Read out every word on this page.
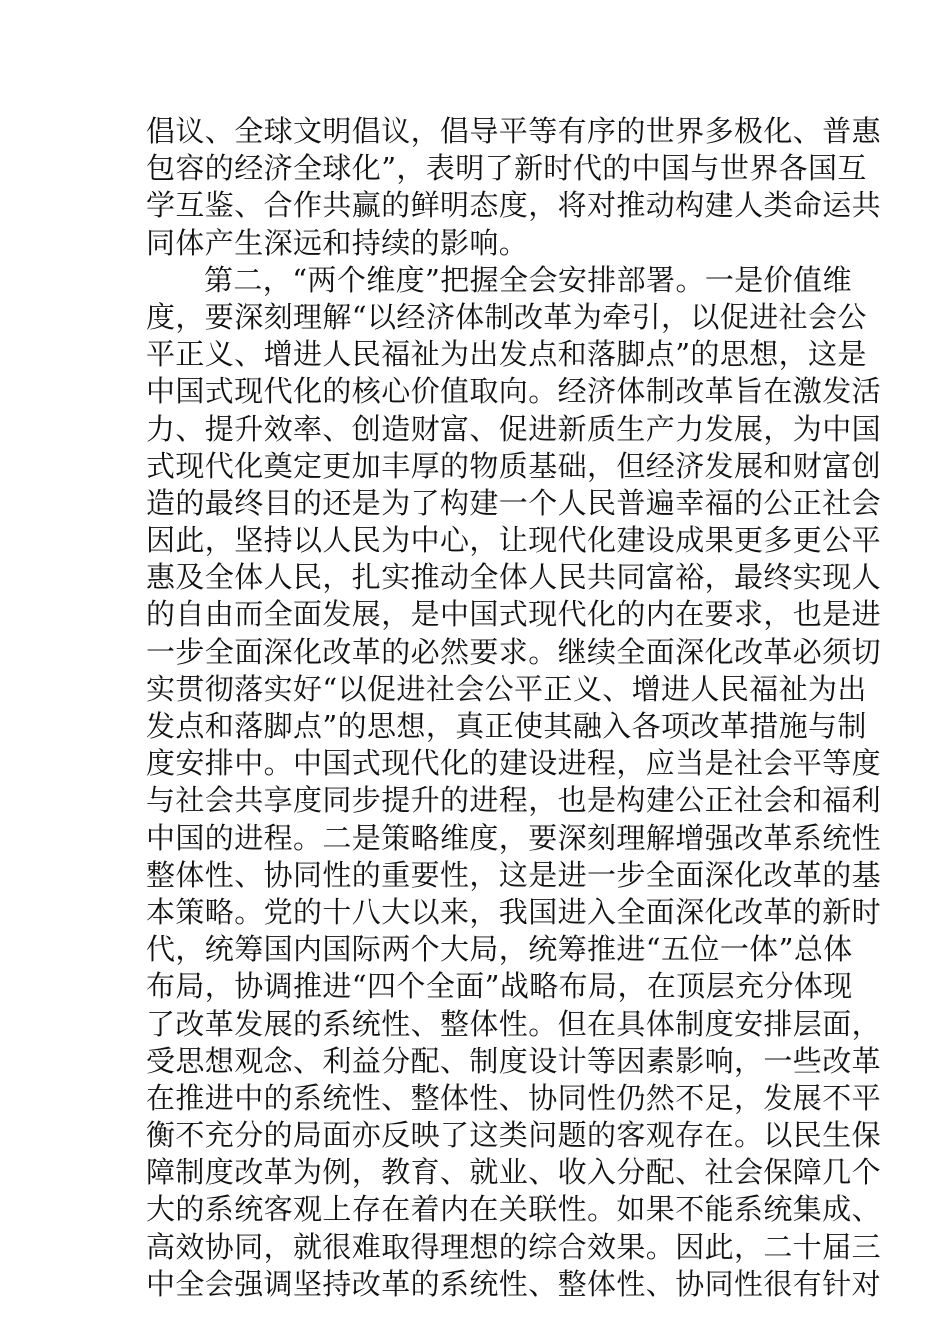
倡议、全球文明倡议，倡导平等有序的世界多极化、普惠
包容的经济全球化”，表明了新时代的中国与世界各国互
学互鉴、合作共赢的鲜明态度，将对推动构建人类命运共
同体产生深远和持续的影响。
第二，“两个维度”把握全会安排部署。一是价值维
度，要深刻理解“以经济体制改革为牵引，以促进社会公
平正义、增进人民福祉为出发点和落脚点”的思想，这是
中国式现代化的核心价值取向。经济体制改革旨在激发活
力、提升效率、创造财富、促进新质生产力发展，为中国
式现代化奠定更加丰厚的物质基础，但经济发展和财富创
造的最终目的还是为了构建一个人民普遍幸福的公正社会
因此，坚持以人民为中心，让现代化建设成果更多更公平
惠及全体人民，扎实推动全体人民共同富裕，最终实现人
的自由而全面发展，是中国式现代化的内在要求，也是进
一步全面深化改革的必然要求。继续全面深化改革必须切
实贯彻落实好“以促进社会公平正义、增进人民福祉为出
发点和落脚点”的思想，真正使其融入各项改革措施与制
度安排中。中国式现代化的建设进程，应当是社会平等度
与社会共享度同步提升的进程，也是构建公正社会和福利
中国的进程。二是策略维度，要深刻理解增强改革系统性
整体性、协同性的重要性，这是进一步全面深化改革的基
本策略。党的十八大以来，我国进入全面深化改革的新时
代，统筹国内国际两个大局，统筹推进“五位一体”总体
布局，协调推进“四个全面”战略布局，在顶层充分体现
了改革发展的系统性、整体性。但在具体制度安排层面，
受思想观念、利益分配、制度设计等因素影响，一些改革
在推进中的系统性、整体性、协同性仍然不足，发展不平
衡不充分的局面亦反映了这类问题的客观存在。以民生保
障制度改革为例，教育、就业、收入分配、社会保障几个
大的系统客观上存在着内在关联性。如果不能系统集成、
高效协同，就很难取得理想的综合效果。因此，二十届三
中全会强调坚持改革的系统性、整体性、协同性很有针对
